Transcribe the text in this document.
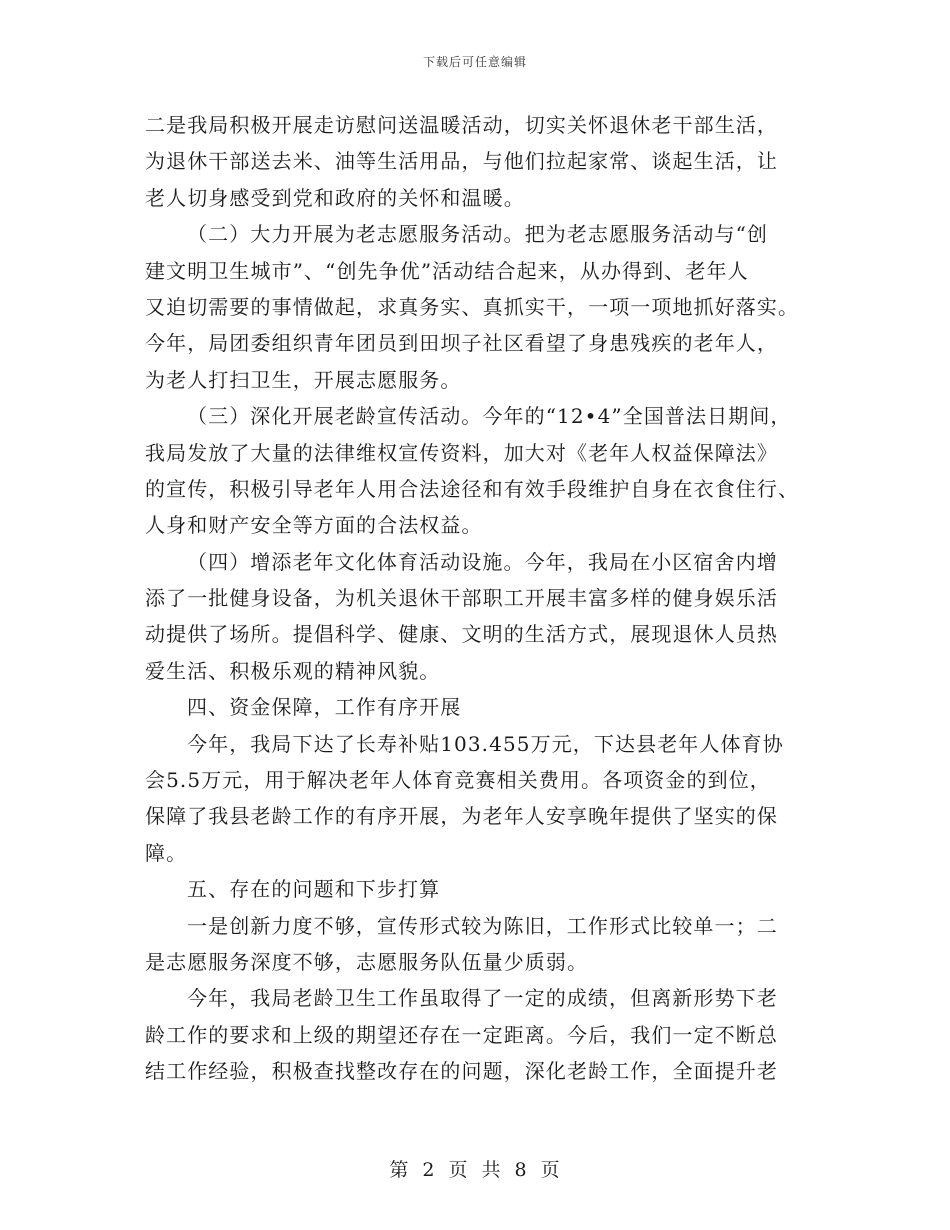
下载后可任意编辑
二是我局积极开展走访慰问送温暖活动，切实关怀退休老干部生活，
为退休干部送去米、油等生活用品，与他们拉起家常、谈起生活，让
老人切身感受到党和政府的关怀和温暖。
（二）大力开展为老志愿服务活动。把为老志愿服务活动与“创
建文明卫生城市”、“创先争优”活动结合起来，从办得到、老年人
又迫切需要的事情做起，求真务实、真抓实干，一项一项地抓好落实。
今年，局团委组织青年团员到田坝子社区看望了身患残疾的老年人，
为老人打扫卫生，开展志愿服务。
（三）深化开展老龄宣传活动。今年的“12•4”全国普法日期间，
我局发放了大量的法律维权宣传资料，加大对《老年人权益保障法》
的宣传，积极引导老年人用合法途径和有效手段维护自身在衣食住行、
人身和财产安全等方面的合法权益。
（四）增添老年文化体育活动设施。今年，我局在小区宿舍内增
添了一批健身设备，为机关退休干部职工开展丰富多样的健身娱乐活
动提供了场所。提倡科学、健康、文明的生活方式，展现退休人员热
爱生活、积极乐观的精神风貌。
四、资金保障，工作有序开展
今年，我局下达了长寿补贴103.455万元，下达县老年人体育协
会5.5万元，用于解决老年人体育竞赛相关费用。各项资金的到位，
保障了我县老龄工作的有序开展，为老年人安享晚年提供了坚实的保
障。
五、存在的问题和下步打算
一是创新力度不够，宣传形式较为陈旧，工作形式比较单一；二
是志愿服务深度不够，志愿服务队伍量少质弱。
今年，我局老龄卫生工作虽取得了一定的成绩，但离新形势下老
龄工作的要求和上级的期望还存在一定距离。今后，我们一定不断总
结工作经验，积极查找整改存在的问题，深化老龄工作，全面提升老
第 2 页 共 8 页
